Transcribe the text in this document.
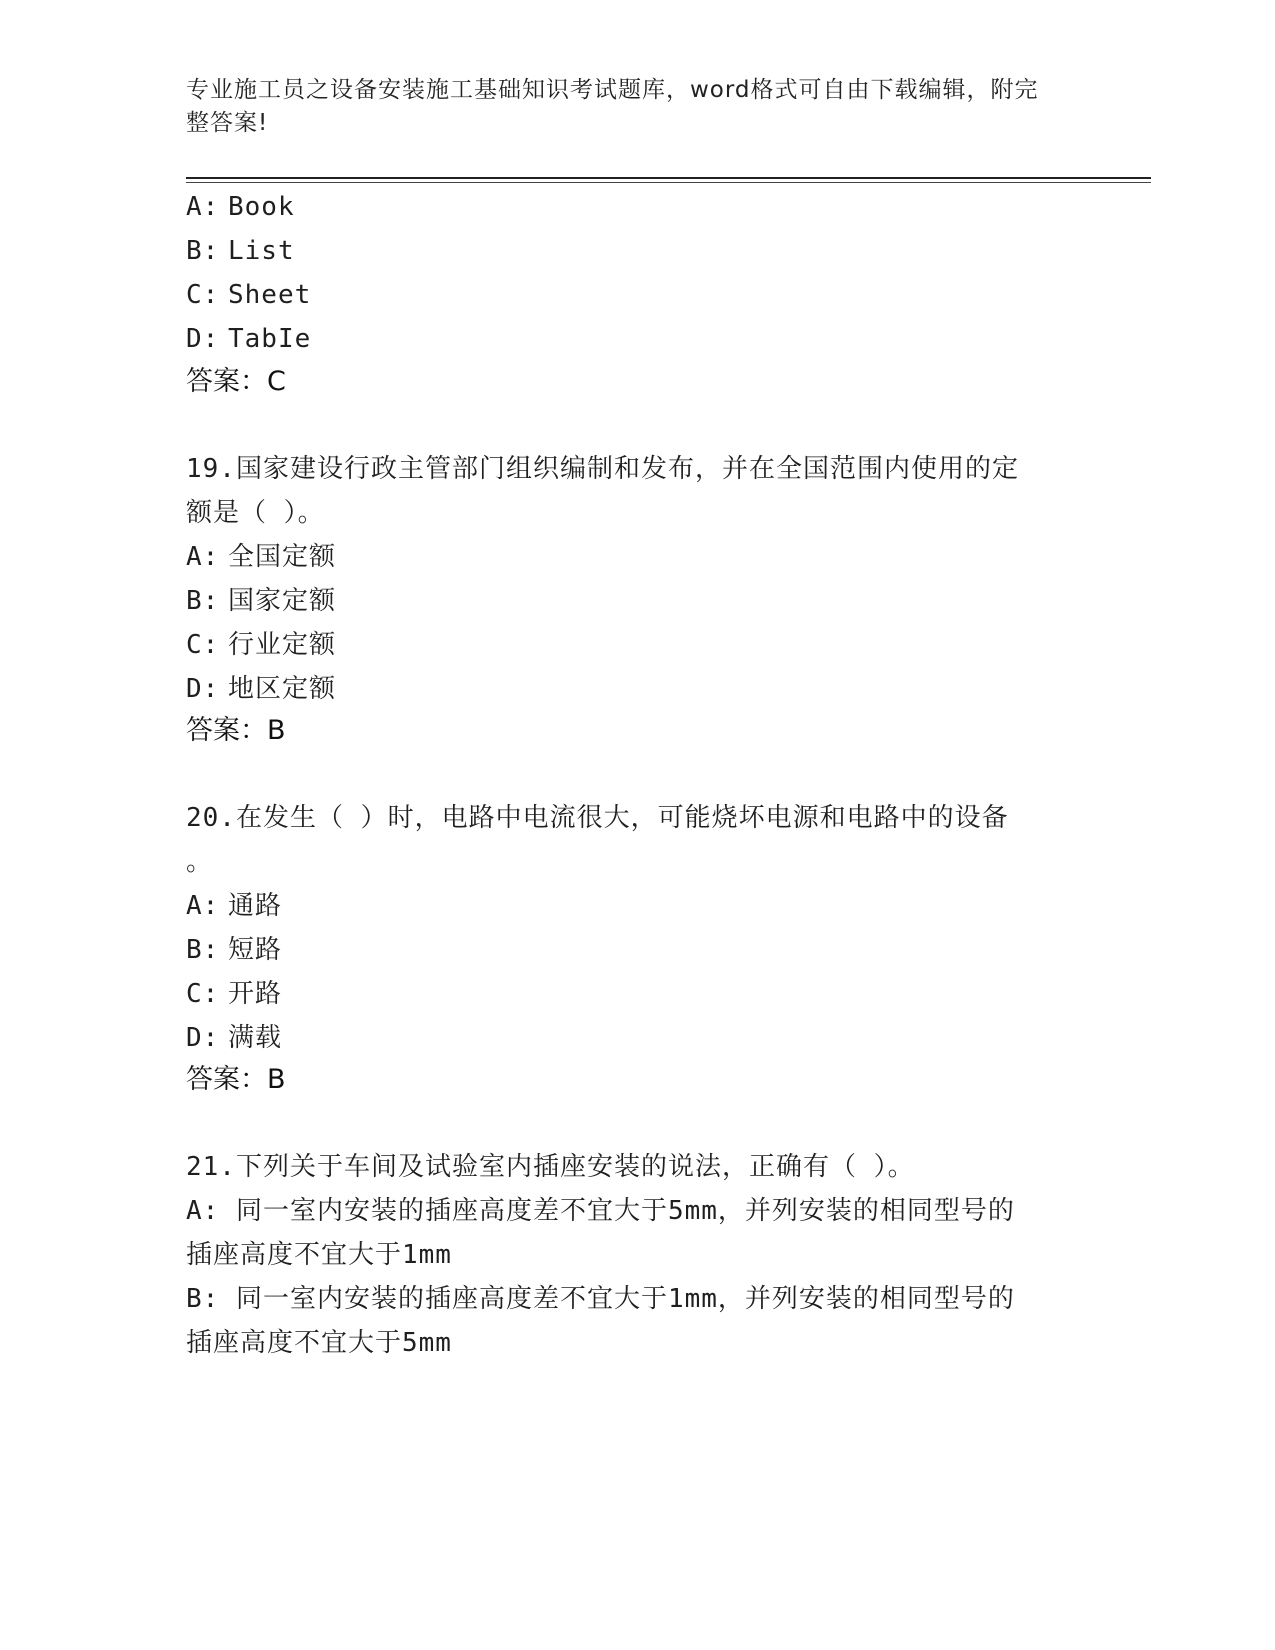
专业施工员之设备安装施工基础知识考试题库，word格式可自由下载编辑，附完
整答案!
A: Book
B: List
C: Sheet
D: TabIe
答案：C
19.国家建设行政主管部门组织编制和发布，并在全国范围内使用的定
额是（ ）。
A: 全国定额
B: 国家定额
C: 行业定额
D: 地区定额
答案：B
20.在发生（ ）时，电路中电流很大，可能烧坏电源和电路中的设备
。
A: 通路
B: 短路
C: 开路
D: 满载
答案：B
21.下列关于车间及试验室内插座安装的说法，正确有（ ）。
A: 同一室内安装的插座高度差不宜大于5mm，并列安装的相同型号的
插座高度不宜大于1mm
B: 同一室内安装的插座高度差不宜大于1mm，并列安装的相同型号的
插座高度不宜大于5mm
